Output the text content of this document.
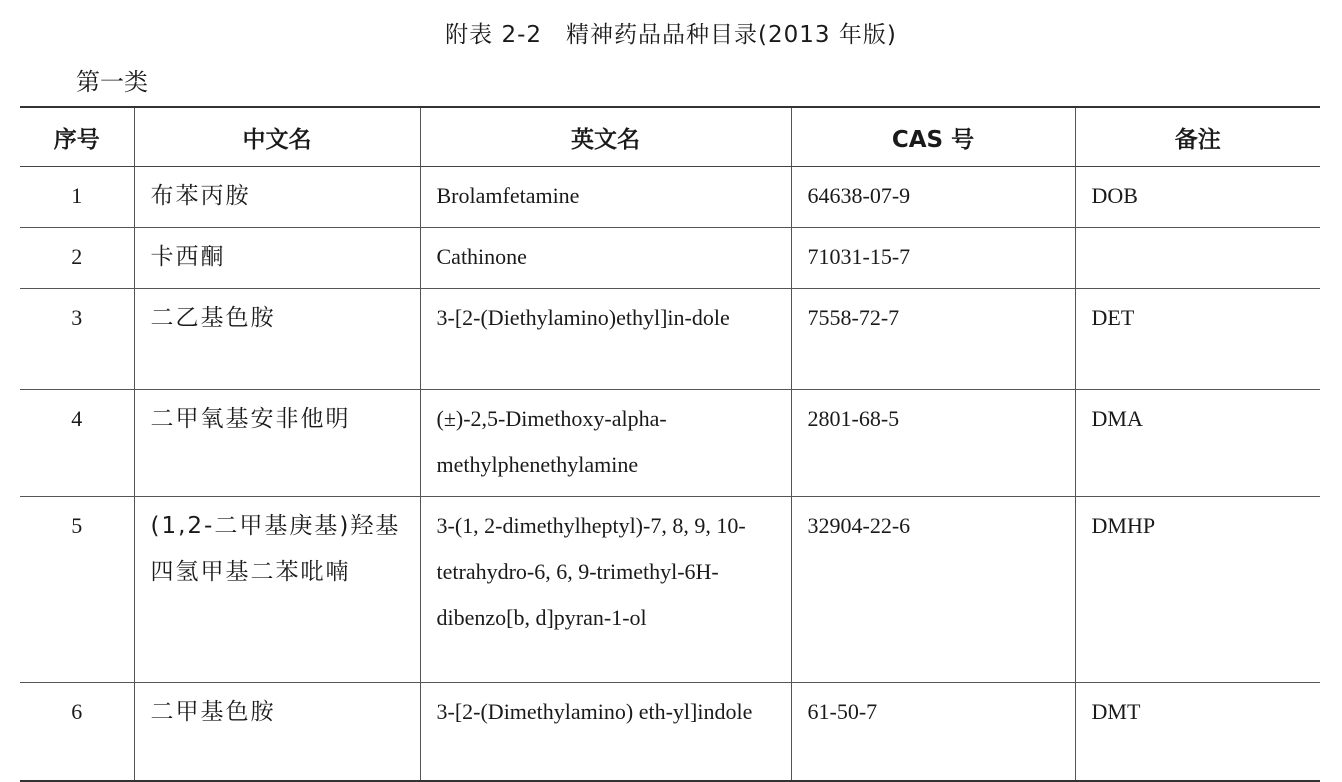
附表 2-2　精神药品品种目录(2013 年版)
第一类
序号	中文名	英文名	CAS 号	备注
1	布苯丙胺	Brolamfetamine	64638-07-9	DOB
2	卡西酮	Cathinone	71031-15-7	
3	二乙基色胺	3-[2-(Diethylamino)ethyl]in-dole	7558-72-7	DET
4	二甲氧基安非他明	(±)-2,5-Dimethoxy-alpha-methylphenethylamine	2801-68-5	DMA
5	(1,2-二甲基庚基)羟基四氢甲基二苯吡喃	3-(1, 2-dimethylheptyl)-7, 8, 9, 10-tetrahydro-6, 6, 9-trimethyl-6H-dibenzo[b, d]pyran-1-ol	32904-22-6	DMHP
6	二甲基色胺	3-[2-(Dimethylamino) eth-yl]indole	61-50-7	DMT
